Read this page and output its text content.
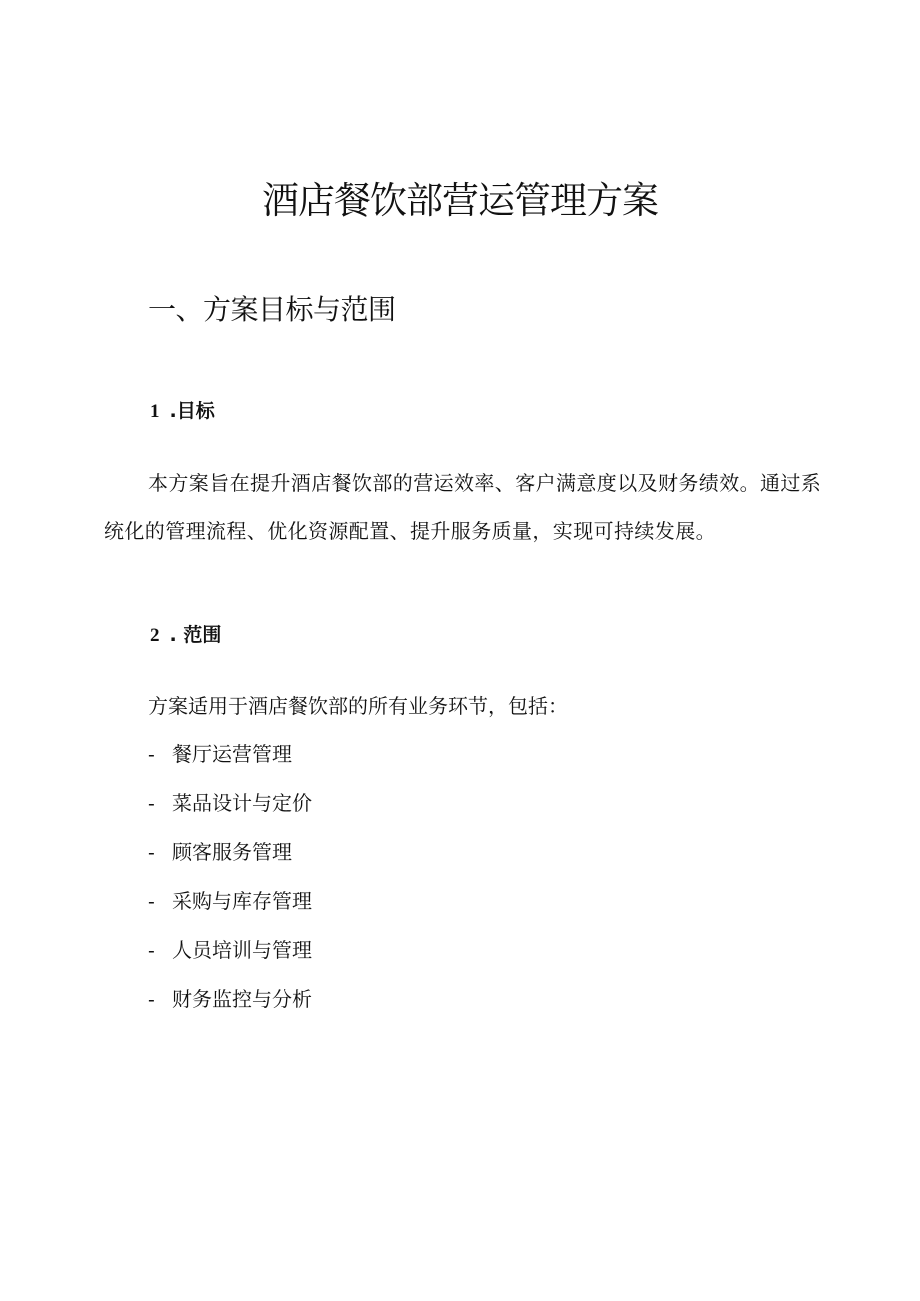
酒店餐饮部营运管理方案
一、方案目标与范围
1 .目标
本方案旨在提升酒店餐饮部的营运效率、客户满意度以及财务绩效。通过系统化的管理流程、优化资源配置、提升服务质量，实现可持续发展。
2 . 范围
方案适用于酒店餐饮部的所有业务环节，包括：
- 餐厅运营管理
- 菜品设计与定价
- 顾客服务管理
- 采购与库存管理
- 人员培训与管理
- 财务监控与分析
